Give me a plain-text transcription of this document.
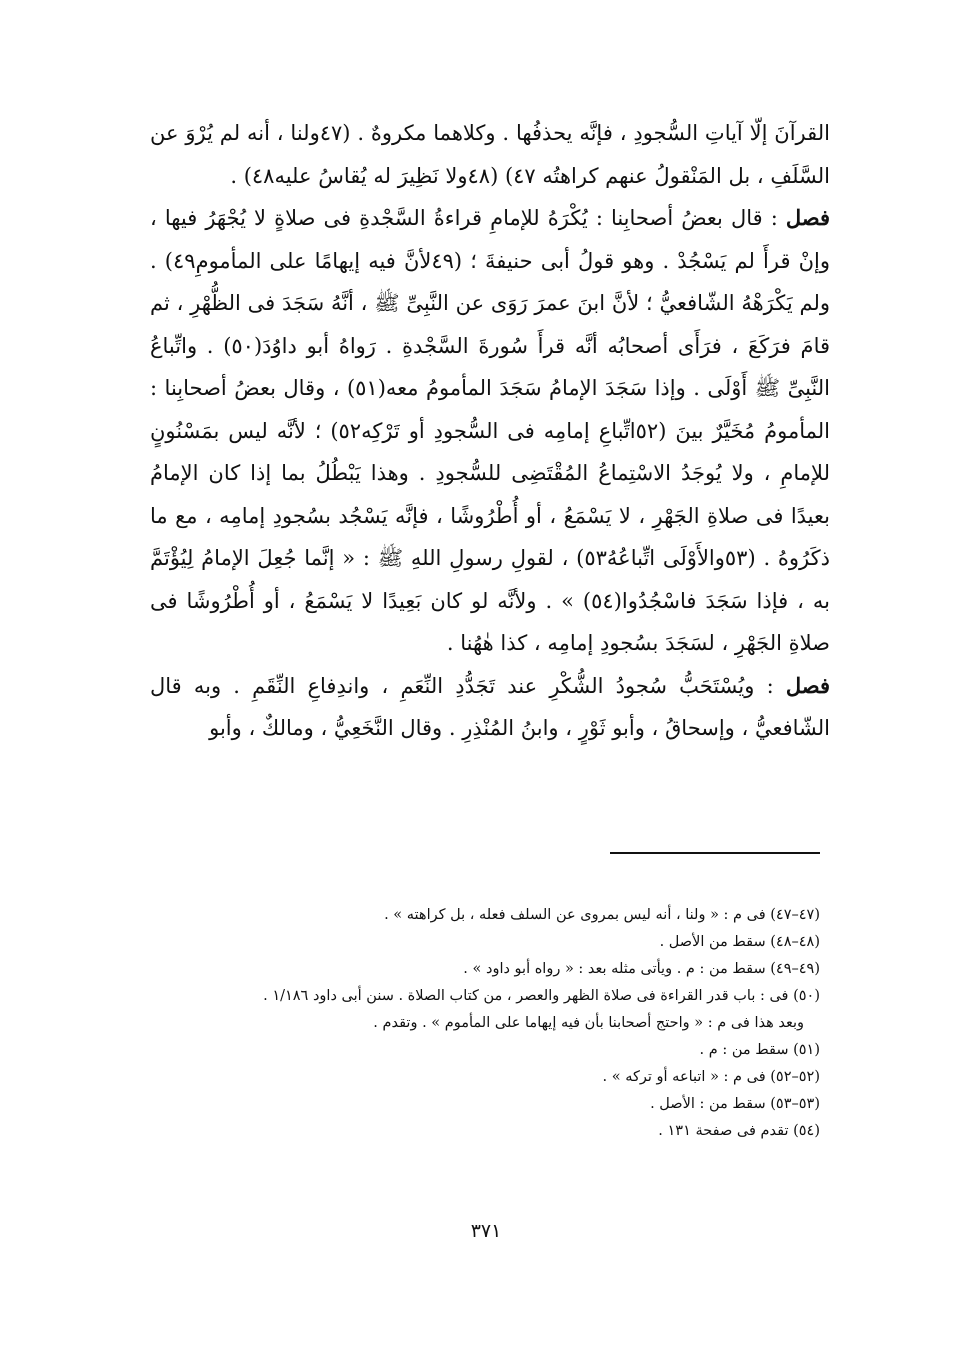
القرآنَ إلّا آياتِ السُّجودِ ، فإنَّه يحذفُها . وكلاهما مكروهٌ . ‏(٤٧ولنا ، أنه لم يُرْوَ عن السَّلَفِ ، بل المَنْقولُ عنهم كراهتُه ‏٤٧) ‏(٤٨ولا نَظِيرَ له يُقاسُ عليه‏٤٨) .

فصل : قال بعضُ أصحابِنا : يُكْرَهُ للإمامِ قراءةُ السَّجْدةِ فى صلاةٍ لا يُجْهَرُ فيها ، وإنْ قرأَ لم يَسْجُدْ . وهو قولُ أبى حنيفةَ ؛ ‏(٤٩لأنَّ فيه إيهامًا على المأمومِ‏٤٩) . ولم يَكْرَهْهُ الشّافعيُّ ؛ لأنَّ ابنَ عمرَ رَوَى عن النَّبِىِّ ﷺ ، أنَّهُ سَجَدَ فى الظُّهْرِ ، ثم قامَ فرَكَعَ ، فرَأَى أصحابُه أنَّه قرأَ سُورةَ السَّجْدةِ . رَواهُ أبو داوُدَ‏(٥٠) . واتِّباعُ النَّبِىِّ ﷺ أَوْلَى . وإذا سَجَدَ الإمامُ سَجَدَ المأمومُ معه‏(٥١) ، وقال بعضُ أصحابِنا : المأمومُ مُخَيَّرٌ بينَ ‏(٥٢اتِّباعِ إمامِه فى السُّجودِ أو تَرْكِه‏٥٢) ؛ لأنَّه ليس بمَسْنُونٍ للإمامِ ، ولا يُوجَدُ الاسْتِماعُ المُقْتَضِى للسُّجودِ . وهذا يَبْطُلُ بما إذا كان الإمامُ بعيدًا فى صلاةِ الجَهْرِ ، لا يَسْمَعُ ، أو أُطْرُوشًا ، فإنَّه يَسْجُد بسُجودِ إمامِه ، مع ما ذكَرُوهُ . ‏(٥٣والأَوْلَى اتِّباعُهُ‏٥٣) ، لقولِ رسولِ اللهِ ﷺ : « إنَّما جُعِلَ الإمامُ لِيُؤْتَمَّ به ، فإذا سَجَدَ فاسْجُدُوا‏(٥٤) » . ولأنَّه لو كان بَعِيدًا لا يَسْمَعُ ، أو أُطْرُوشًا فى صلاةِ الجَهْرِ ، لسَجَدَ بسُجودِ إمامِه ، كذا هٰهُنا .

فصل : ويُسْتَحَبُّ سُجودُ الشُّكْرِ عند تَجَدُّدِ النِّعَمِ ، واندِفاعِ النِّقَمِ . وبه قال الشّافعيُّ ، وإسحاقُ ، وأبو ثَوْرٍ ، وابنُ المُنْذِرِ . وقال النَّخَعِيُّ ، ومالكٌ ، وأبو

(٤٧–٤٧) فى م : « ولنا ، أنه ليس بمروى عن السلف فعله ، بل كراهته » .
(٤٨–٤٨) سقط من الأصل .
(٤٩–٤٩) سقط من : م . ويأتى مثله بعد : « رواه أبو داود » .
(٥٠) فى : باب قدر القراءة فى صلاة الظهر والعصر ، من كتاب الصلاة . سنن أبى داود ١/١٨٦ .
وبعد هذا فى م : « واحتج أصحابنا بأن فيه إيهاما على المأموم » . وتقدم .
(٥١) سقط من : م .
(٥٢–٥٢) فى م : « اتباعه أو تركه » .
(٥٣–٥٣) سقط من : الأصل .
(٥٤) تقدم فى صفحة ١٣١ .
٣٧١
